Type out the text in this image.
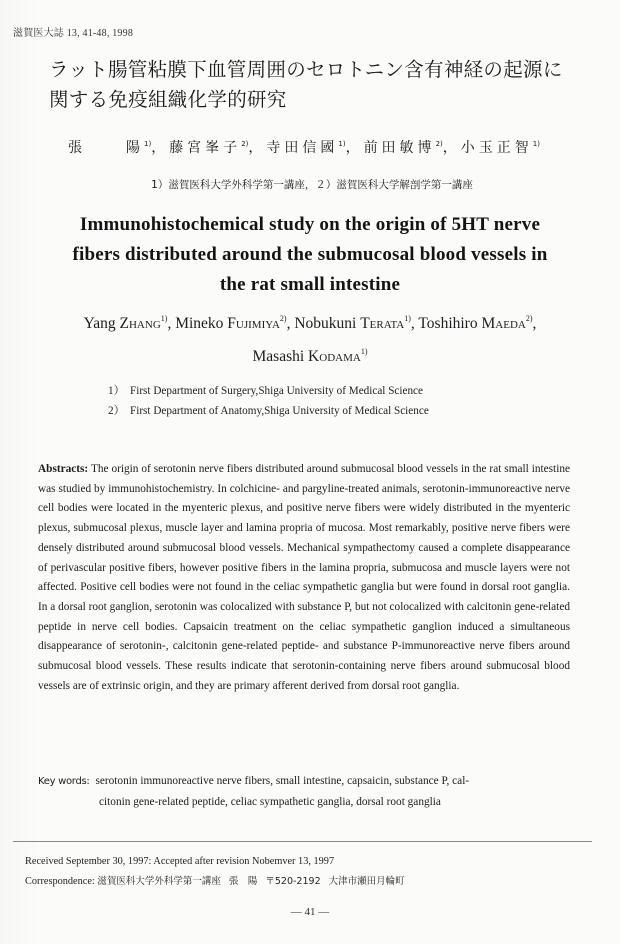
滋賀医大誌 13, 41-48, 1998
ラット腸管粘膜下血管周囲のセロトニン含有神経の起源に
関する免疫組織化学的研究
張	陽$^{1)}$，藤宮峯子$^{2)}$，寺田信國$^{1)}$，前田敏博$^{2)}$，小玉正智$^{1)}$
1）滋賀医科大学外科学第一講座，２）滋賀医科大学解剖学第一講座
Immunohistochemical study on the origin of 5HT nerve
fibers distributed around the submucosal blood vessels in
the rat small intestine
Yang Zhang$^{1)}$, Mineko Fujimiya$^{2)}$, Nobukuni Terata$^{1)}$, Toshihiro Maeda$^{2)}$,
Masashi Kodama$^{1)}$
1） First Department of Surgery,Shiga University of Medical Science
2） First Department of Anatomy,Shiga University of Medical Science
Abstracts: The origin of serotonin nerve fibers distributed around submucosal blood vessels in the rat small intestine was studied by immunohistochemistry. In colchicine- and pargyline-treated animals, serotonin-immunoreactive nerve cell bodies were located in the myenteric plexus, and positive nerve fibers were widely distributed in the myenteric plexus, submucosal plexus, muscle layer and lamina propria of mucosa. Most remarkably, positive nerve fibers were densely distributed around submucosal blood vessels. Mechanical sympathectomy caused a complete disappearance of perivascular positive fibers, however positive fibers in the lamina propria, submucosa and muscle layers were not affected. Positive cell bodies were not found in the celiac sympathetic ganglia but were found in dorsal root ganglia. In a dorsal root ganglion, serotonin was colocalized with substance P, but not colocalized with calcitonin gene-related peptide in nerve cell bodies. Capsaicin treatment on the celiac sympathetic ganglion induced a simultaneous disappearance of serotonin-, calcitonin gene-related peptide- and substance P-immunoreactive nerve fibers around submucosal blood vessels. These results indicate that serotonin-containing nerve fibers around submucosal blood vessels are of extrinsic origin, and they are primary afferent derived from dorsal root ganglia.
Key words: serotonin immunoreactive nerve fibers, small intestine, capsaicin, substance P, cal-
citonin gene-related peptide, celiac sympathetic ganglia, dorsal root ganglia
Received September 30, 1997: Accepted after revision Nobemver 13, 1997
Correspondence: 滋賀医科大学外科学第一講座 張　陽 〒520-2192 大津市瀬田月輪町
— 41 —
